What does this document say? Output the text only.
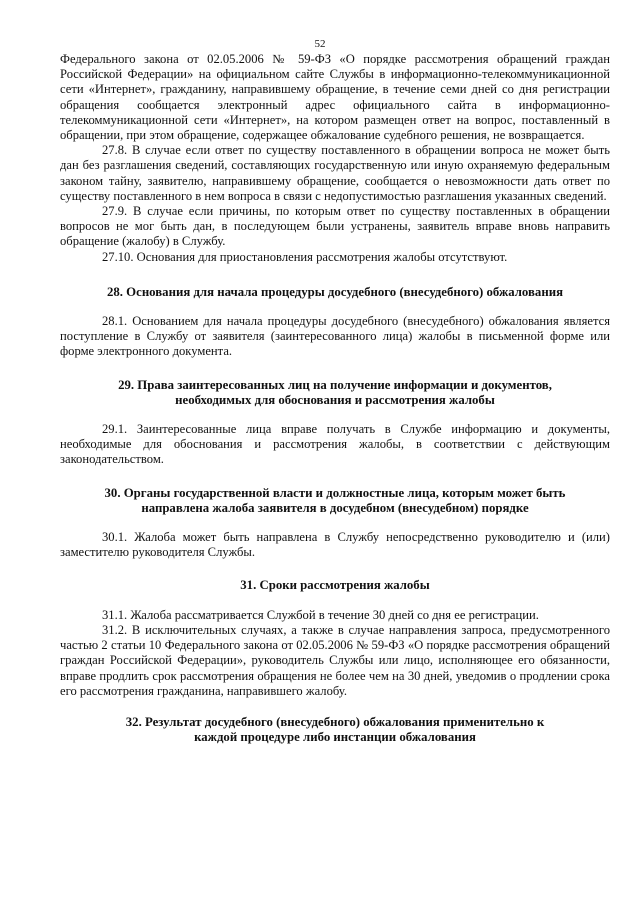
52

Федерального закона от 02.05.2006 № 59-ФЗ «О порядке рассмотрения обращений граждан Российской Федерации» на официальном сайте Службы в информационно-телекоммуникационной сети «Интернет», гражданину, направившему обращение, в течение семи дней со дня регистрации обращения сообщается электронный адрес официального сайта в информационно-телекоммуникационной сети «Интернет», на котором размещен ответ на вопрос, поставленный в обращении, при этом обращение, содержащее обжалование судебного решения, не возвращается.

27.8. В случае если ответ по существу поставленного в обращении вопроса не может быть дан без разглашения сведений, составляющих государственную или иную охраняемую федеральным законом тайну, заявителю, направившему обращение, сообщается о невозможности дать ответ по существу поставленного в нем вопроса в связи с недопустимостью разглашения указанных сведений.

27.9. В случае если причины, по которым ответ по существу поставленных в обращении вопросов не мог быть дан, в последующем были устранены, заявитель вправе вновь направить обращение (жалобу) в Службу.

27.10. Основания для приостановления рассмотрения жалобы отсутствуют.

28. Основания для начала процедуры досудебного (внесудебного) обжалования

28.1. Основанием для начала процедуры досудебного (внесудебного) обжалования является поступление в Службу от заявителя (заинтересованного лица) жалобы в письменной форме или форме электронного документа.

29. Права заинтересованных лиц на получение информации и документов,
необходимых для обоснования и рассмотрения жалобы

29.1. Заинтересованные лица вправе получать в Службе информацию и документы, необходимые для обоснования и рассмотрения жалобы, в соответствии с действующим законодательством.

30. Органы государственной власти и должностные лица, которым может быть
направлена жалоба заявителя в досудебном (внесудебном) порядке

30.1. Жалоба может быть направлена в Службу непосредственно руководителю и (или) заместителю руководителя Службы.

31. Сроки рассмотрения жалобы

31.1. Жалоба рассматривается Службой в течение 30 дней со дня ее регистрации.

31.2. В исключительных случаях, а также в случае направления запроса, предусмотренного частью 2 статьи 10 Федерального закона от 02.05.2006 № 59-ФЗ «О порядке рассмотрения обращений граждан Российской Федерации», руководитель Службы или лицо, исполняющее его обязанности, вправе продлить срок рассмотрения обращения не более чем на 30 дней, уведомив о продлении срока его рассмотрения гражданина, направившего жалобу.

32. Результат досудебного (внесудебного) обжалования применительно к
каждой процедуре либо инстанции обжалования
